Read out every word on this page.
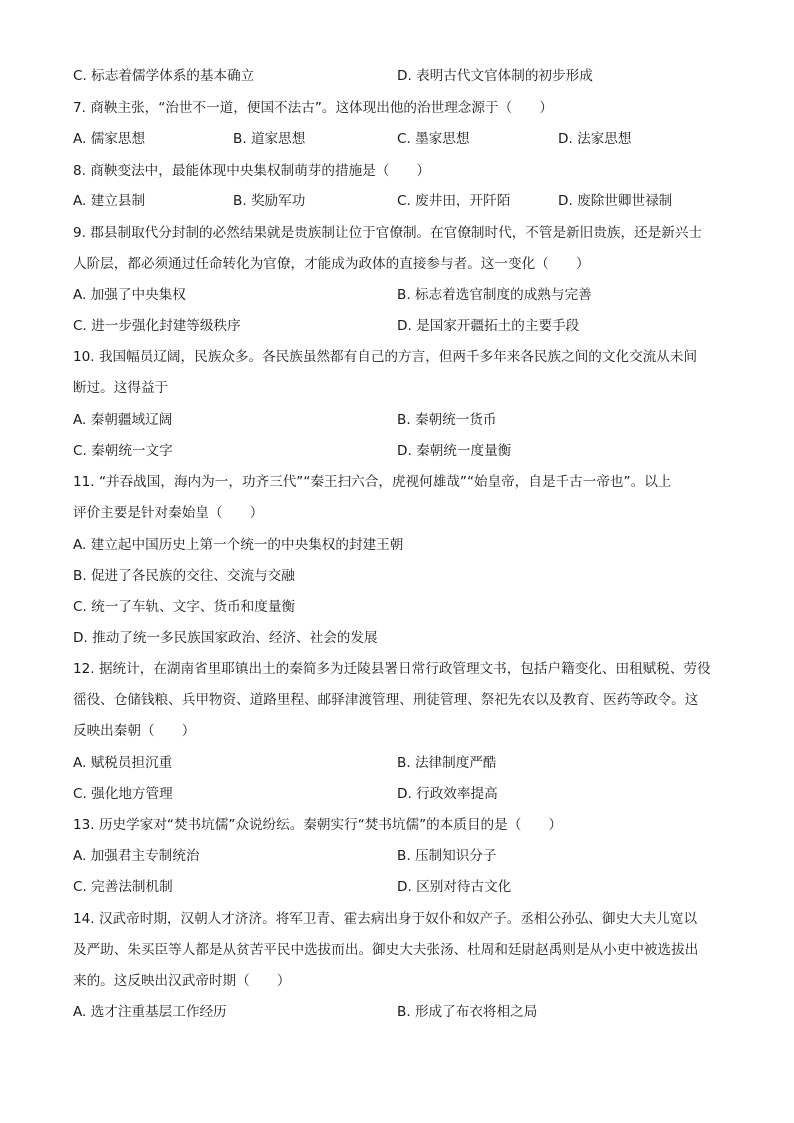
C. 标志着儒学体系的基本确立	D. 表明古代文官体制的初步形成
7. 商鞅主张，“治世不一道，便国不法古”。这体现出他的治世理念源于（　　）
A. 儒家思想	B. 道家思想	C. 墨家思想	D. 法家思想
8. 商鞅变法中，最能体现中央集权制萌芽的措施是（　　）
A. 建立县制	B. 奖励军功	C. 废井田，开阡陌	D. 废除世卿世禄制
9. 郡县制取代分封制的必然结果就是贵族制让位于官僚制。在官僚制时代，不管是新旧贵族，还是新兴士
人阶层，都必须通过任命转化为官僚，才能成为政体的直接参与者。这一变化（　　）
A. 加强了中央集权	B. 标志着选官制度的成熟与完善
C. 进一步强化封建等级秩序	D. 是国家开疆拓土的主要手段
10. 我国幅员辽阔，民族众多。各民族虽然都有自己的方言，但两千多年来各民族之间的文化交流从未间
断过。这得益于
A. 秦朝疆域辽阔	B. 秦朝统一货币
C. 秦朝统一文字	D. 秦朝统一度量衡
11. “并吞战国，海内为一，功齐三代”“秦王扫六合，虎视何雄哉”“始皇帝，自是千古一帝也”。以上
评价主要是针对秦始皇（　　）
A. 建立起中国历史上第一个统一的中央集权的封建王朝
B. 促进了各民族的交往、交流与交融
C. 统一了车轨、文字、货币和度量衡
D. 推动了统一多民族国家政治、经济、社会的发展
12. 据统计，在湖南省里耶镇出土的秦简多为迁陵县署日常行政管理文书，包括户籍变化、田租赋税、劳役
徭役、仓储钱粮、兵甲物资、道路里程、邮驿津渡管理、刑徒管理、祭祀先农以及教育、医药等政令。这
反映出秦朝（　　）
A. 赋税员担沉重	B. 法律制度严酷
C. 强化地方管理	D. 行政效率提高
13. 历史学家对“焚书坑儒”众说纷纭。秦朝实行“焚书坑儒”的本质目的是（　　）
A. 加强君主专制统治	B. 压制知识分子
C. 完善法制机制	D. 区别对待古文化
14. 汉武帝时期，汉朝人才济济。将军卫青、霍去病出身于奴仆和奴产子。丞相公孙弘、御史大夫儿宽以
及严助、朱买臣等人都是从贫苦平民中选拔而出。御史大夫张汤、杜周和廷尉赵禹则是从小吏中被选拔出
来的。这反映出汉武帝时期（　　）
A. 选才注重基层工作经历	B. 形成了布衣将相之局
